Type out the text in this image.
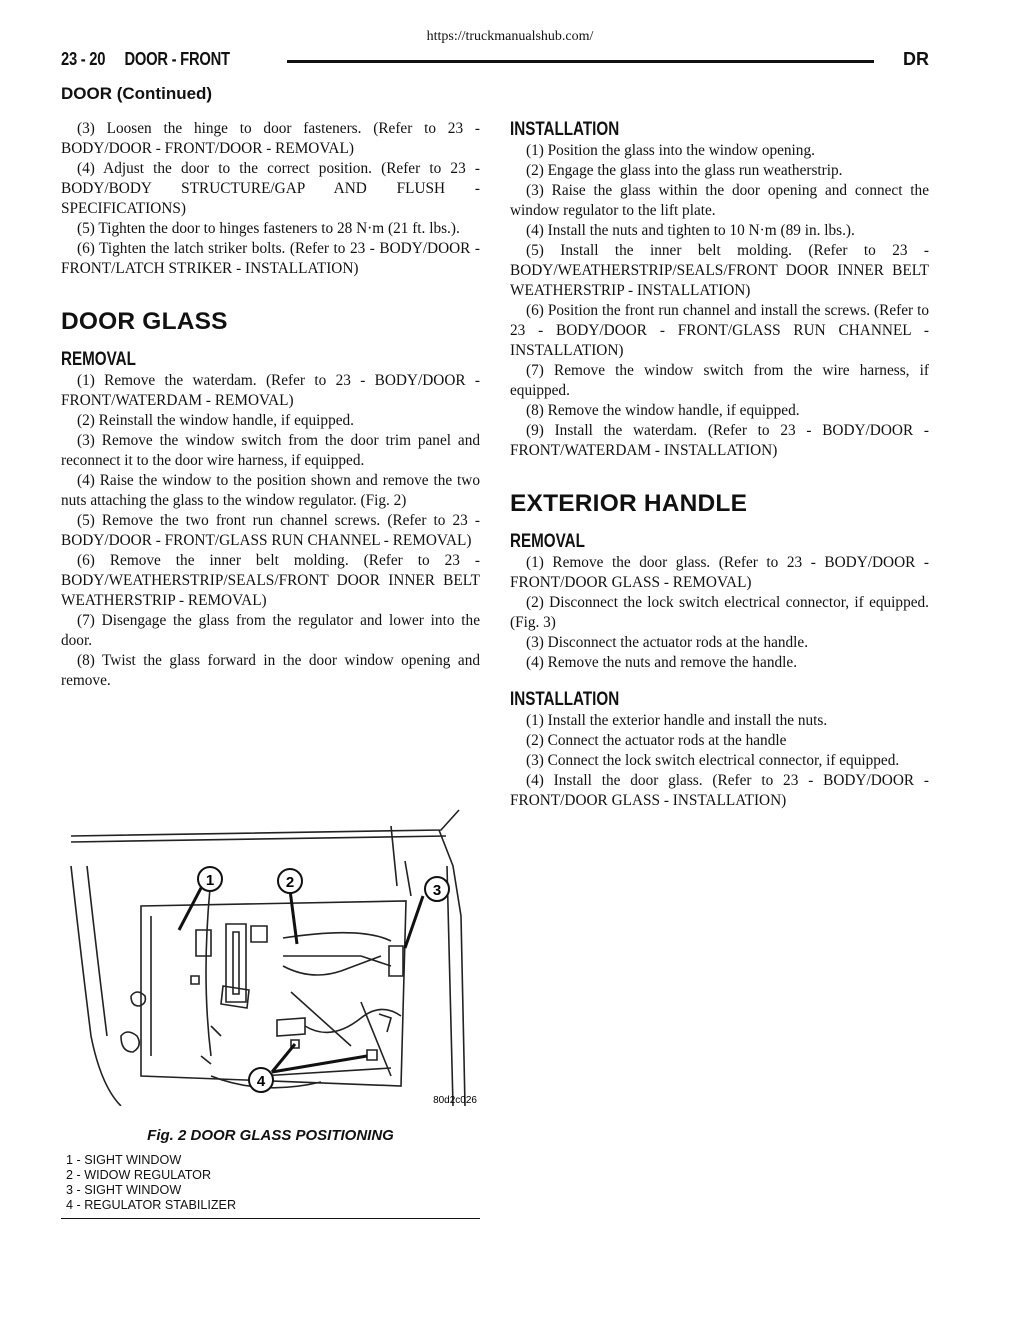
https://truckmanualshub.com/
23 - 20     DOOR - FRONT	DR
DOOR (Continued)

(3) Loosen the hinge to door fasteners. (Refer to 23 - BODY/DOOR - FRONT/DOOR - REMOVAL)

(4) Adjust the door to the correct position. (Refer to 23 - BODY/BODY STRUCTURE/GAP AND FLUSH - SPECIFICATIONS)

(5) Tighten the door to hinges fasteners to 28 N·m (21 ft. lbs.).

(6) Tighten the latch striker bolts. (Refer to 23 - BODY/DOOR - FRONT/LATCH STRIKER - INSTALLATION)

DOOR GLASS
REMOVAL

(1) Remove the waterdam. (Refer to 23 - BODY/DOOR - FRONT/WATERDAM - REMOVAL)

(2) Reinstall the window handle, if equipped.

(3) Remove the window switch from the door trim panel and reconnect it to the door wire harness, if equipped.

(4) Raise the window to the position shown and remove the two nuts attaching the glass to the window regulator. (Fig. 2)

(5) Remove the two front run channel screws. (Refer to 23 - BODY/DOOR - FRONT/GLASS RUN CHANNEL - REMOVAL)

(6) Remove the inner belt molding. (Refer to 23 - BODY/WEATHERSTRIP/SEALS/FRONT DOOR INNER BELT WEATHERSTRIP - REMOVAL)

(7) Disengage the glass from the regulator and lower into the door.

(8) Twist the glass forward in the door window opening and remove.

1	2	3
4
80d2c026
Fig. 2 DOOR GLASS POSITIONING
1 - SIGHT WINDOW
2 - WIDOW REGULATOR
3 - SIGHT WINDOW
4 - REGULATOR STABILIZER
INSTALLATION

(1) Position the glass into the window opening.

(2) Engage the glass into the glass run weatherstrip.

(3) Raise the glass within the door opening and connect the window regulator to the lift plate.

(4) Install the nuts and tighten to 10 N·m (89 in. lbs.).

(5) Install the inner belt molding. (Refer to 23 - BODY/WEATHERSTRIP/SEALS/FRONT DOOR INNER BELT WEATHERSTRIP - INSTALLATION)

(6) Position the front run channel and install the screws. (Refer to 23 - BODY/DOOR - FRONT/GLASS RUN CHANNEL - INSTALLATION)

(7) Remove the window switch from the wire harness, if equipped.

(8) Remove the window handle, if equipped.

(9) Install the waterdam. (Refer to 23 - BODY/DOOR - FRONT/WATERDAM - INSTALLATION)

EXTERIOR HANDLE
REMOVAL

(1) Remove the door glass. (Refer to 23 - BODY/DOOR - FRONT/DOOR GLASS - REMOVAL)

(2) Disconnect the lock switch electrical connector, if equipped. (Fig. 3)

(3) Disconnect the actuator rods at the handle.

(4) Remove the nuts and remove the handle.

INSTALLATION

(1) Install the exterior handle and install the nuts.

(2) Connect the actuator rods at the handle

(3) Connect the lock switch electrical connector, if equipped.

(4) Install the door glass. (Refer to 23 - BODY/DOOR - FRONT/DOOR GLASS - INSTALLATION)
